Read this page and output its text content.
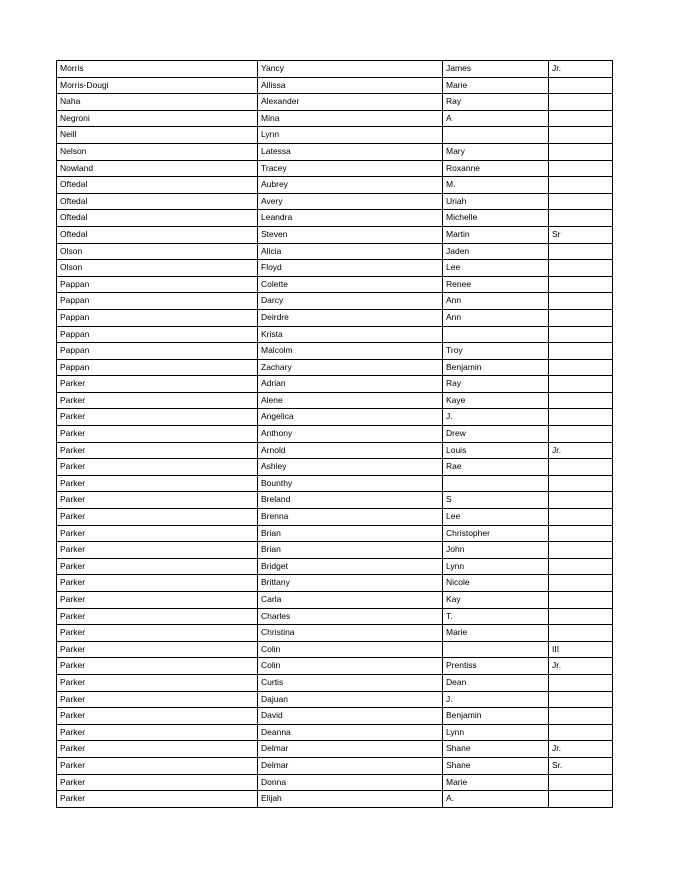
Morris	Yancy	James	Jr.
Morris-Dougi	Allissa	Marie	
Naha	Alexander	Ray	
Negroni	Mina	A	
Neill	Lynn		
Nelson	Latessa	Mary	
Nowland	Tracey	Roxanne	
Oftedal	Aubrey	M.	
Oftedal	Avery	Uriah	
Oftedal	Leandra	Michelle	
Oftedal	Steven	Martin	Sr
Olson	Alicia	Jaden	
Olson	Floyd	Lee	
Pappan	Colette	Renee	
Pappan	Darcy	Ann	
Pappan	Deirdre	Ann	
Pappan	Krista		
Pappan	Malcolm	Troy	
Pappan	Zachary	Benjamin	
Parker	Adrian	Ray	
Parker	Alene	Kaye	
Parker	Angelica	J.	
Parker	Anthony	Drew	
Parker	Arnold	Louis	Jr.
Parker	Ashley	Rae	
Parker	Bounthy		
Parker	Breland	S	
Parker	Brenna	Lee	
Parker	Brian	Christopher	
Parker	Brian	John	
Parker	Bridget	Lynn	
Parker	Brittany	Nicole	
Parker	Carla	Kay	
Parker	Charles	T.	
Parker	Christina	Marie	
Parker	Colin		III
Parker	Colin	Prentiss	Jr.
Parker	Curtis	Dean	
Parker	Dajuan	J.	
Parker	David	Benjamin	
Parker	Deanna	Lynn	
Parker	Delmar	Shane	Jr.
Parker	Delmar	Shane	Sr.
Parker	Donna	Marie	
Parker	Elijah	A.	
